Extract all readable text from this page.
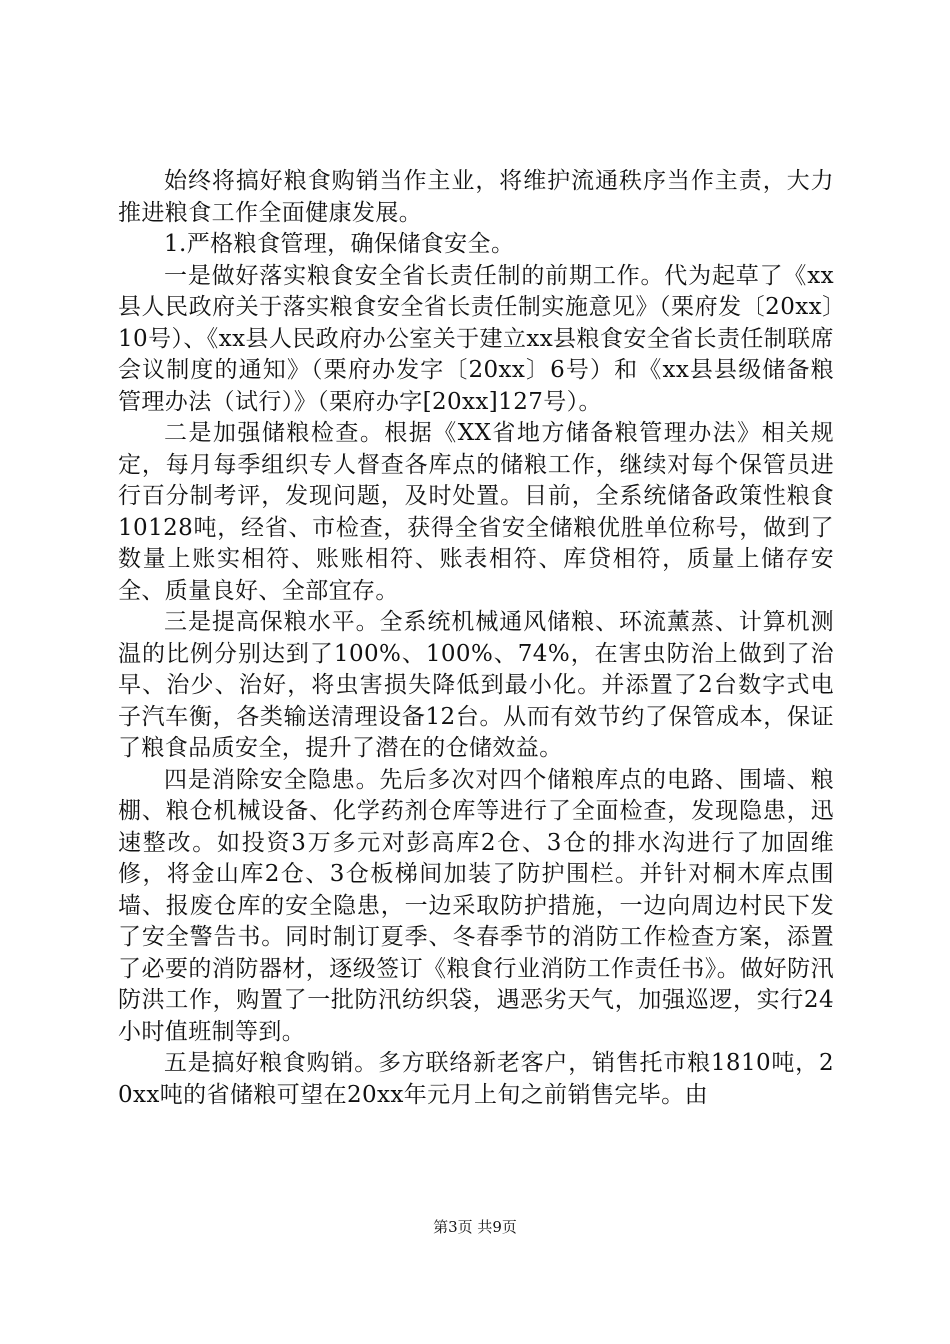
始终将搞好粮食购销当作主业，将维护流通秩序当作主责，大力推进粮食工作全面健康发展。

1.严格粮食管理，确保储食安全。

一是做好落实粮食安全省长责任制的前期工作。代为起草了《xx县人民政府关于落实粮食安全省长责任制实施意见》（栗府发〔20xx〕10号）、《xx县人民政府办公室关于建立xx县粮食安全省长责任制联席会议制度的通知》（栗府办发字〔20xx〕6号）和《xx县县级储备粮管理办法（试行）》（栗府办字[20xx]127号）。

二是加强储粮检查。根据《XX省地方储备粮管理办法》相关规定，每月每季组织专人督查各库点的储粮工作，继续对每个保管员进行百分制考评，发现问题，及时处置。目前，全系统储备政策性粮食10128吨，经省、市检查，获得全省安全储粮优胜单位称号，做到了数量上账实相符、账账相符、账表相符、库贷相符，质量上储存安全、质量良好、全部宜存。

三是提高保粮水平。全系统机械通风储粮、环流薰蒸、计算机测温的比例分别达到了100%、100%、74%，在害虫防治上做到了治早、治少、治好，将虫害损失降低到最小化。并添置了2台数字式电子汽车衡，各类输送清理设备12台。从而有效节约了保管成本，保证了粮食品质安全，提升了潜在的仓储效益。

四是消除安全隐患。先后多次对四个储粮库点的电路、围墙、粮棚、粮仓机械设备、化学药剂仓库等进行了全面检查，发现隐患，迅速整改。如投资3万多元对彭高库2仓、3仓的排水沟进行了加固维修，将金山库2仓、3仓板梯间加装了防护围栏。并针对桐木库点围墙、报废仓库的安全隐患，一边采取防护措施，一边向周边村民下发了安全警告书。同时制订夏季、冬春季节的消防工作检查方案，添置了必要的消防器材，逐级签订《粮食行业消防工作责任书》。做好防汛防洪工作，购置了一批防汛纺织袋，遇恶劣天气，加强巡逻，实行24小时值班制等到。

五是搞好粮食购销。多方联络新老客户，销售托市粮1810吨，20xx吨的省储粮可望在20xx年元月上旬之前销售完毕。由

第3页 共9页
